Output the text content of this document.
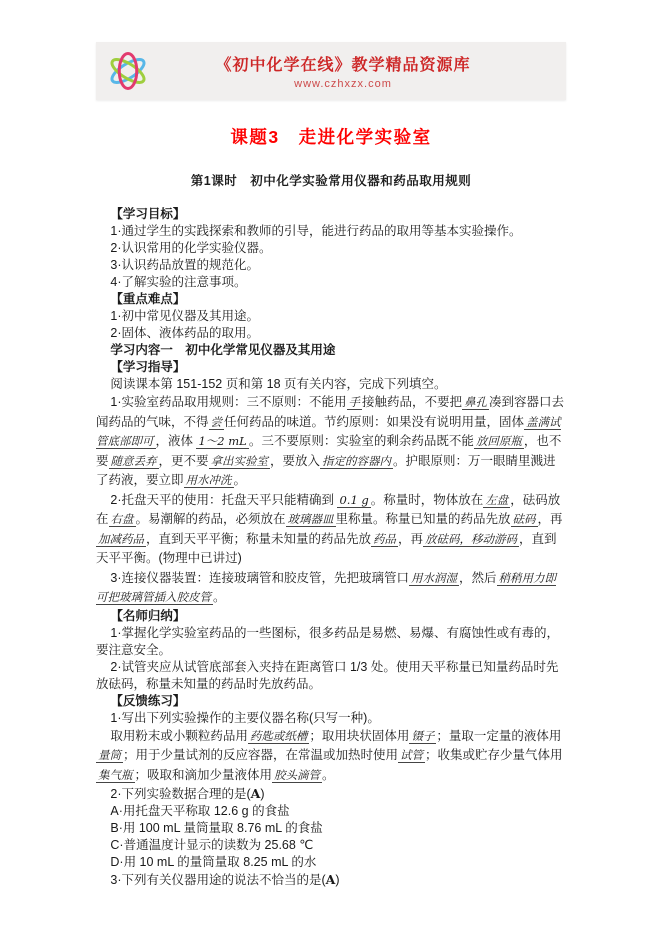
《初中化学在线》教学精品资源库
www.czhxzx.com
课题3　走进化学实验室
第1课时　初中化学实验常用仪器和药品取用规则

【学习目标】

1·通过学生的实践探索和教师的引导，能进行药品的取用等基本实验操作。

2·认识常用的化学实验仪器。

3·认识药品放置的规范化。

4·了解实验的注意事项。

【重点难点】

1·初中常见仪器及其用途。

2·固体、液体药品的取用。

学习内容一　初中化学常见仪器及其用途

【学习指导】

阅读课本第 151-152 页和第 18 页有关内容，完成下列填空。

1·实验室药品取用规则：三不原则：不能用 手 接触药品，不要把 鼻孔 凑到容器口去闻药品的气味，不得 尝 任何药品的味道。节约原则：如果没有说明用量，固体 盖满试管底部即可 ，液体 1～2 mL 。三不要原则：实验室的剩余药品既不能 放回原瓶 ，也不要 随意丢弃 ，更不要 拿出实验室 ，要放入 指定的容器内 。护眼原则：万一眼睛里溅进了药液，要立即 用水冲洗 。

2·托盘天平的使用：托盘天平只能精确到 0.1 g 。称量时，物体放在 左盘 ，砝码放在 右盘 。易潮解的药品，必须放在 玻璃器皿 里称量。称量已知量的药品先放 砝码 ，再加减药品 ，直到天平平衡；称量未知量的药品先放 药品 ，再 放砝码，移动游码 ，直到天平平衡。(物理中已讲过)

3·连接仪器装置：连接玻璃管和胶皮管，先把玻璃管口 用水润湿 ，然后 稍稍用力即可把玻璃管插入胶皮管 。

【名师归纳】

1·掌握化学实验室药品的一些图标，很多药品是易燃、易爆、有腐蚀性或有毒的，要注意安全。

2·试管夹应从试管底部套入夹持在距离管口 1/3 处。使用天平称量已知量药品时先放砝码，称量未知量的药品时先放药品。

【反馈练习】

1·写出下列实验操作的主要仪器名称(只写一种)。

取用粉末或小颗粒药品用 药匙或纸槽 ；取用块状固体用 镊子 ；量取一定量的液体用量筒 ；用于少量试剂的反应容器，在常温或加热时使用 试管 ；收集或贮存少量气体用集气瓶 ；吸取和滴加少量液体用 胶头滴管 。

2·下列实验数据合理的是(A)

A·用托盘天平称取 12.6 g 的食盐

B·用 100 mL 量筒量取 8.76 mL 的食盐

C·普通温度计显示的读数为 25.68 ℃

D·用 10 mL 的量筒量取 8.25 mL 的水

3·下列有关仪器用途的说法不恰当的是(A)
